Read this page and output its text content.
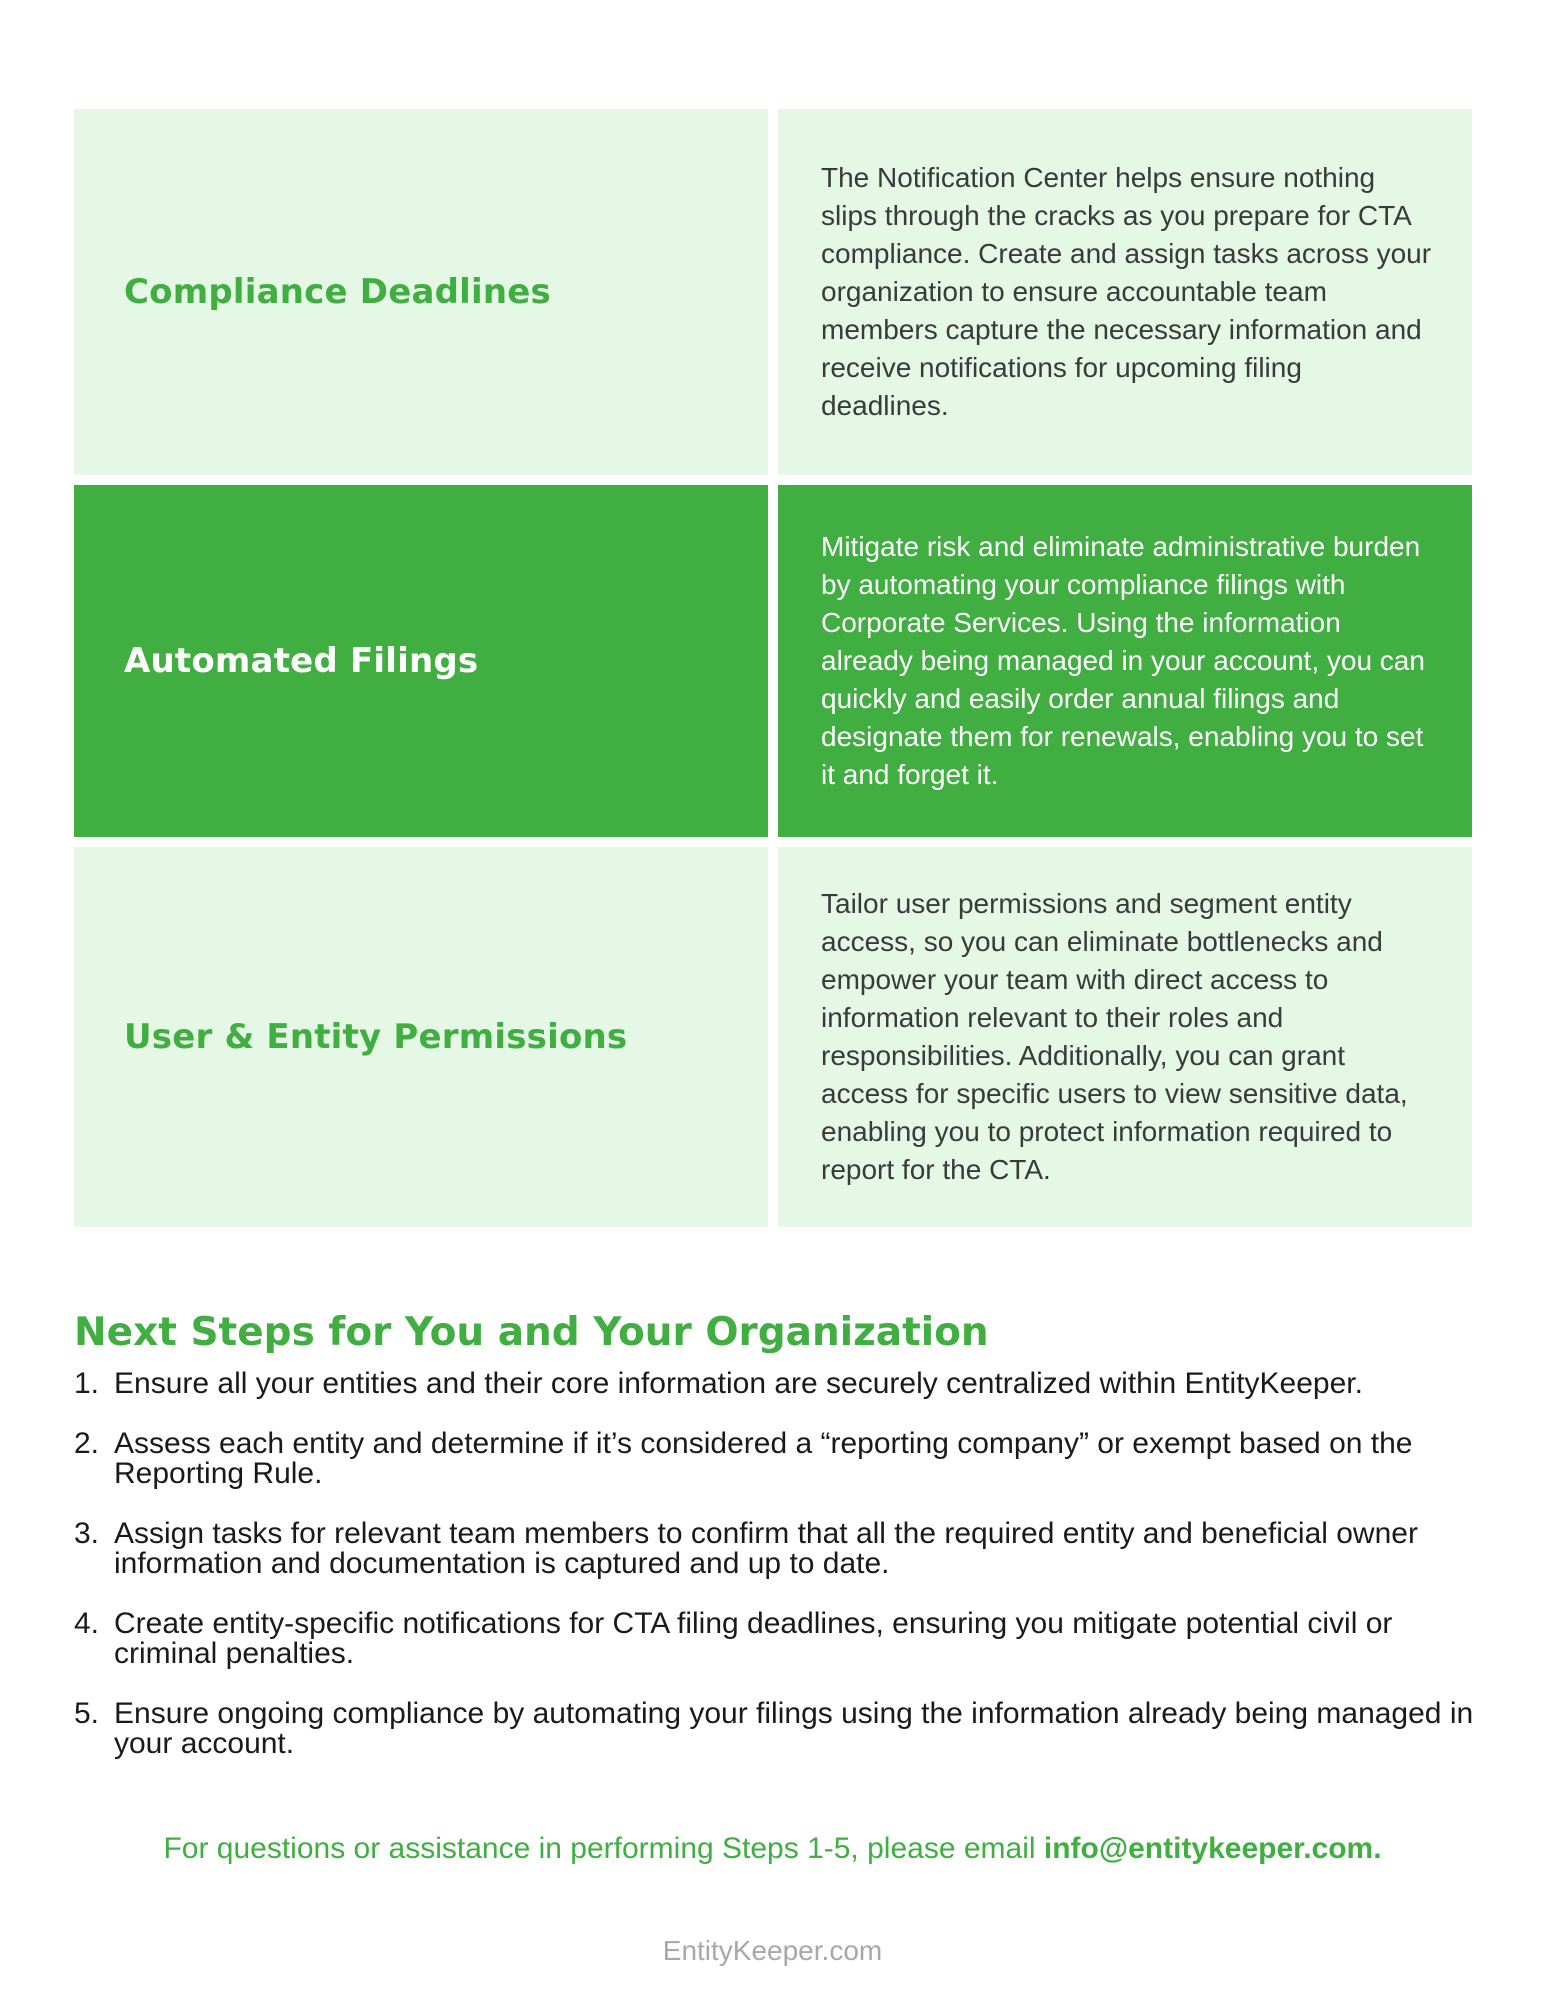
Compliance Deadlines

The Notification Center helps ensure nothing slips through the cracks as you prepare for CTA compliance. Create and assign tasks across your organization to ensure accountable team members capture the necessary information and receive notifications for upcoming filing deadlines.

Automated Filings

Mitigate risk and eliminate administrative burden by automating your compliance filings with Corporate Services. Using the information already being managed in your account, you can quickly and easily order annual filings and designate them for renewals, enabling you to set it and forget it.

User & Entity Permissions

Tailor user permissions and segment entity access, so you can eliminate bottlenecks and empower your team with direct access to information relevant to their roles and responsibilities. Additionally, you can grant access for specific users to view sensitive data, enabling you to protect information required to report for the CTA.

Next Steps for You and Your Organization
1. Ensure all your entities and their core information are securely centralized within EntityKeeper.
2. Assess each entity and determine if it’s considered a “reporting company” or exempt based on the Reporting Rule.
3. Assign tasks for relevant team members to confirm that all the required entity and beneficial owner information and documentation is captured and up to date.
4. Create entity-specific notifications for CTA filing deadlines, ensuring you mitigate potential civil or criminal penalties.
5. Ensure ongoing compliance by automating your filings using the information already being managed in your account.
For questions or assistance in performing Steps 1-5, please email info@entitykeeper.com.
EntityKeeper.com
